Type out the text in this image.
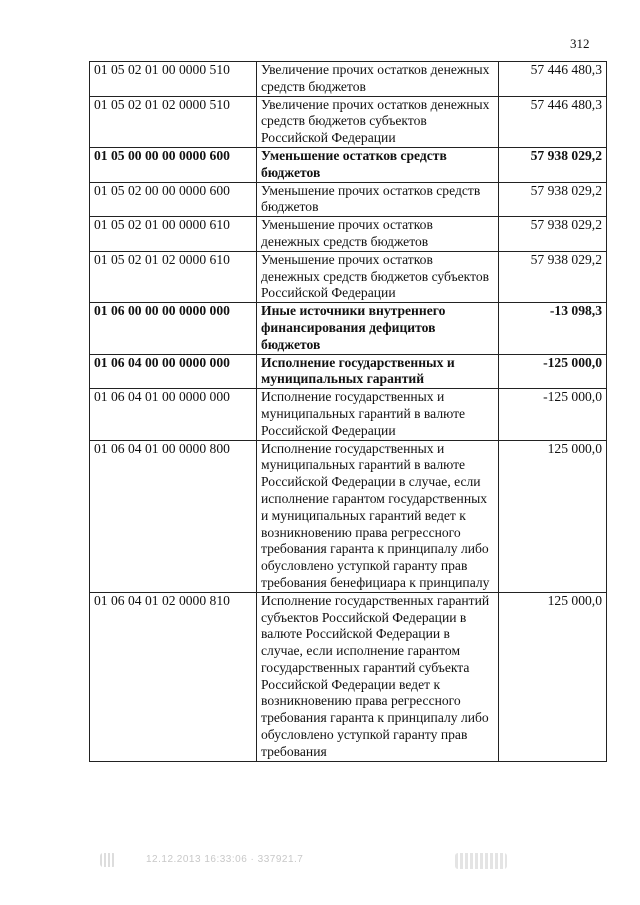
312
01 05 02 01 00 0000 510	Увеличение прочих остатков денежных средств бюджетов	57 446 480,3
01 05 02 01 02 0000 510	Увеличение прочих остатков денежных средств бюджетов субъектов Российской Федерации	57 446 480,3
01 05 00 00 00 0000 600	Уменьшение остатков средств бюджетов	57 938 029,2
01 05 02 00 00 0000 600	Уменьшение прочих остатков средств бюджетов	57 938 029,2
01 05 02 01 00 0000 610	Уменьшение прочих остатков денежных средств бюджетов	57 938 029,2
01 05 02 01 02 0000 610	Уменьшение прочих остатков денежных средств бюджетов субъектов Российской Федерации	57 938 029,2
01 06 00 00 00 0000 000	Иные источники внутреннего финансирования дефицитов бюджетов	-13 098,3
01 06 04 00 00 0000 000	Исполнение государственных и муниципальных гарантий	-125 000,0
01 06 04 01 00 0000 000	Исполнение государственных и муниципальных гарантий в валюте Российской Федерации	-125 000,0
01 06 04 01 00 0000 800	Исполнение государственных и муниципальных гарантий в валюте Российской Федерации в случае, если исполнение гарантом государственных и муниципальных гарантий ведет к возникновению права регрессного требования гаранта к принципалу либо обусловлено уступкой гаранту прав требования бенефициара к принципалу	125 000,0
01 06 04 01 02 0000 810	Исполнение государственных гарантий субъектов Российской Федерации в валюте Российской Федерации в случае, если исполнение гарантом государственных гарантий субъекта Российской Федерации ведет к возникновению права регрессного требования гаранта к принципалу либо обусловлено уступкой гаранту прав требования	125 000,0
12.12.2013 16:33:06 · 337921.7
